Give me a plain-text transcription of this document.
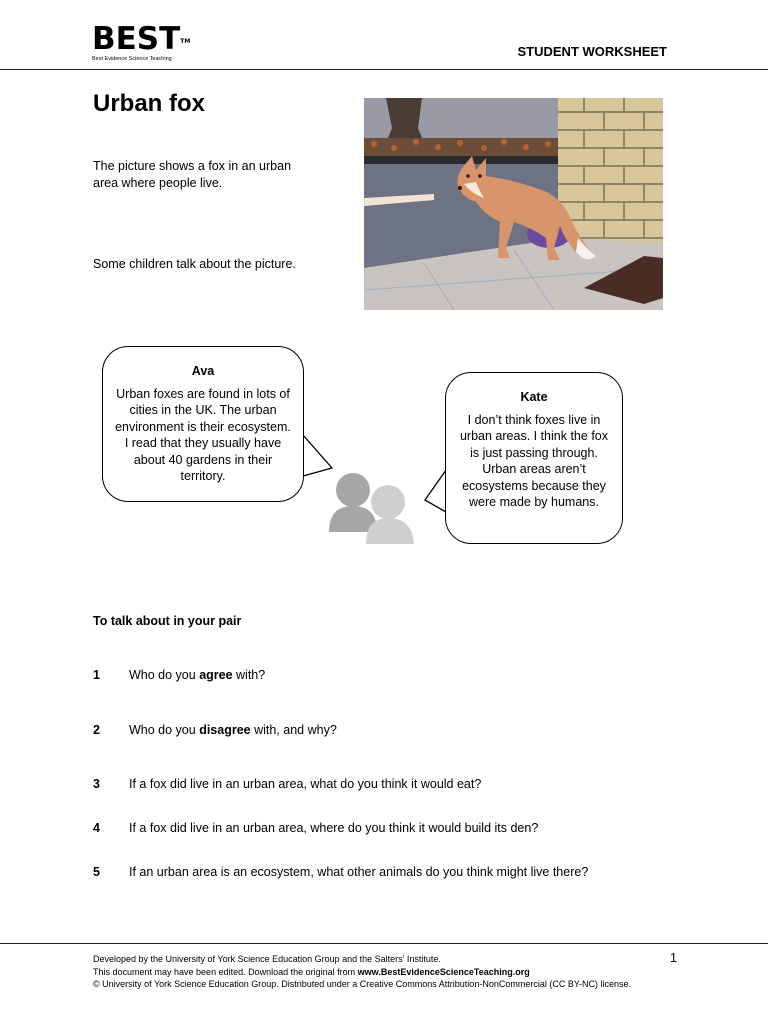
BEST™
Best Evidence Science Teaching	STUDENT WORKSHEET
Urban fox
The picture shows a fox in an urban area where people live.
Some children talk about the picture.
Ava
Urban foxes are found in lots of cities in the UK. The urban environment is their ecosystem. I read that they usually have about 40 gardens in their territory.
Kate
I don’t think foxes live in urban areas. I think the fox is just passing through. Urban areas aren’t ecosystems because they were made by humans.
To talk about in your pair
1 Who do you agree with?
2 Who do you disagree with, and why?
3 If a fox did live in an urban area, what do you think it would eat?
4 If a fox did live in an urban area, where do you think it would build its den?
5 If an urban area is an ecosystem, what other animals do you think might live there?
Developed by the University of York Science Education Group and the Salters’ Institute.
This document may have been edited. Download the original from www.BestEvidenceScienceTeaching.org
© University of York Science Education Group. Distributed under a Creative Commons Attribution-NonCommercial (CC BY-NC) license.
1
